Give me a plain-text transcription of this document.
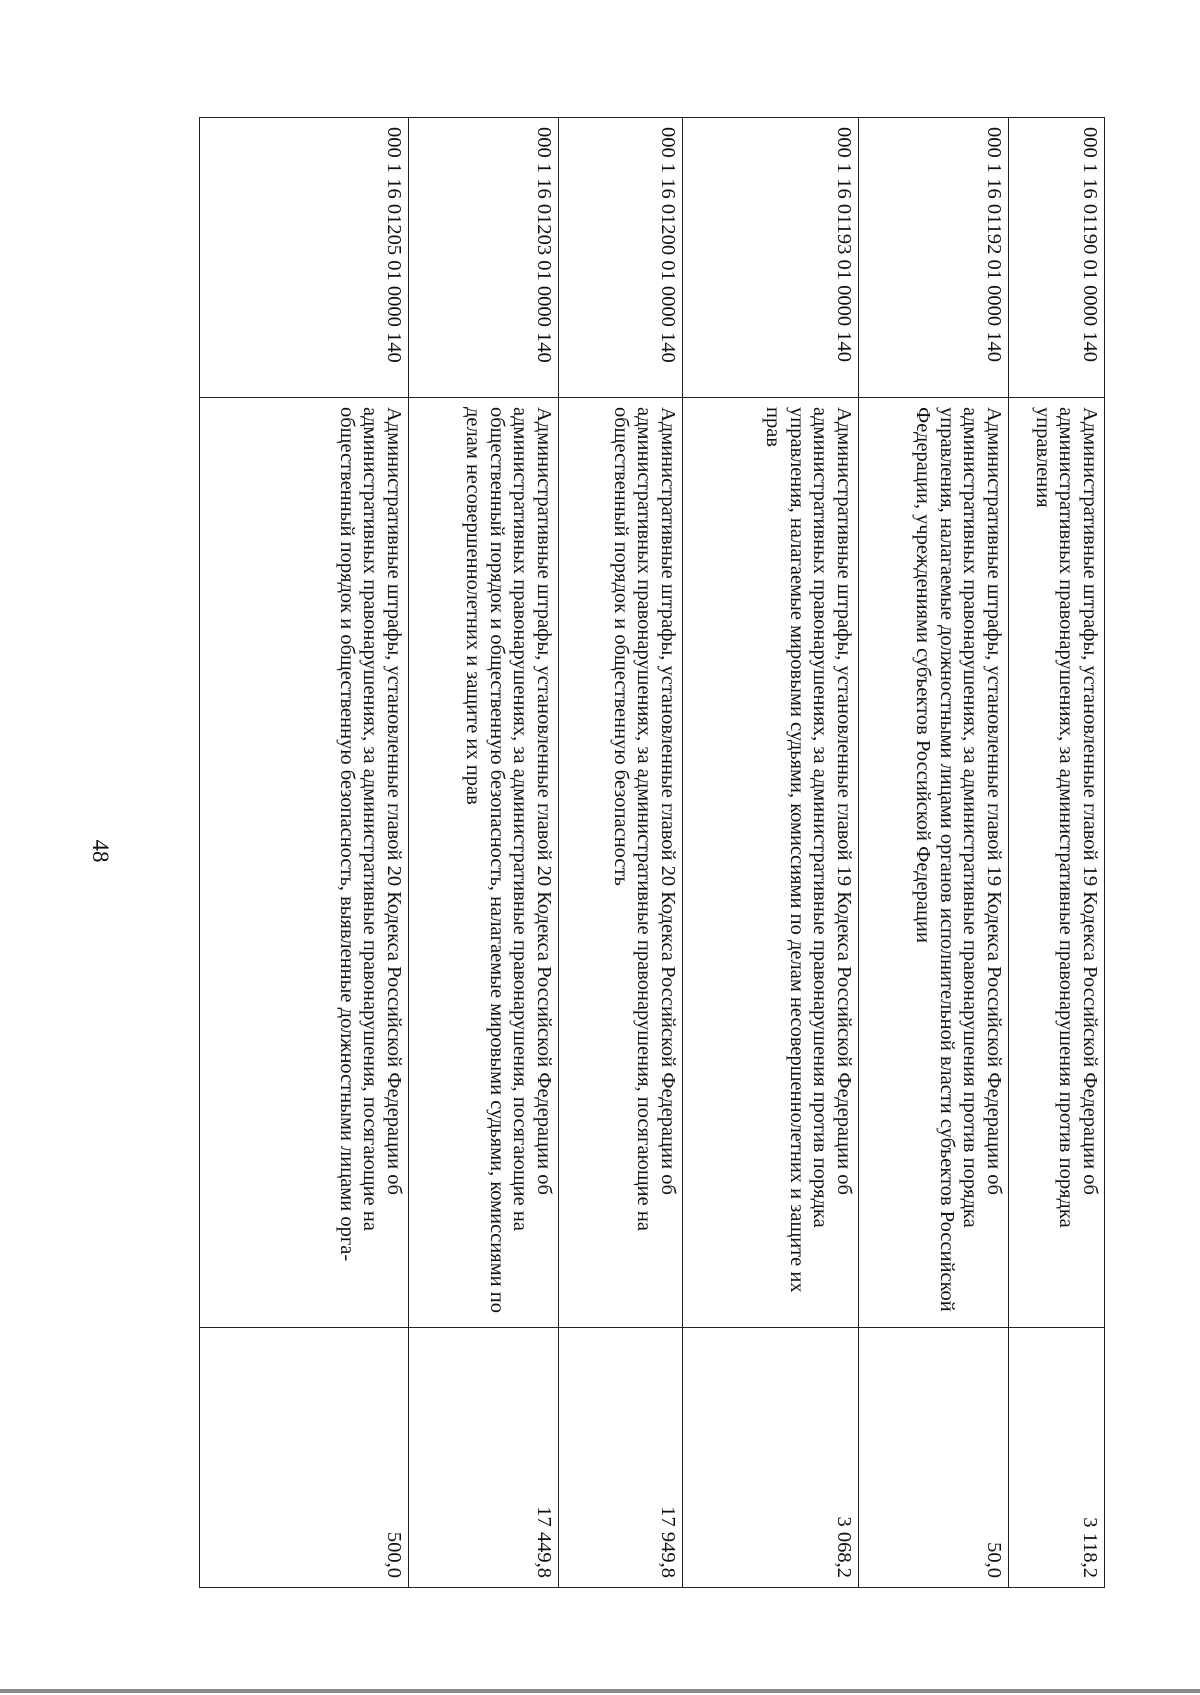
48
000 1 16 01190 01 0000 140	Административные штрафы, установленные главой 19 Кодекса Российской Федерации об административных правонарушениях, за административные правонарушения против порядка управления	3 118,2
000 1 16 01192 01 0000 140	Административные штрафы, установленные главой 19 Кодекса Российской Федерации об административных правонарушениях, за административные правонарушения против порядка управления, налагаемые должностными лицами органов исполнительной власти субъектов Российской Федерации, учреждениями субъектов Российской Федерации	50,0
000 1 16 01193 01 0000 140	Административные штрафы, установленные главой 19 Кодекса Российской Федерации об административных правонарушениях, за административные правонарушения против порядка управления, налагаемые мировыми судьями, комиссиями по делам несовершеннолетних и защите их прав	3 068,2
000 1 16 01200 01 0000 140	Административные штрафы, установленные главой 20 Кодекса Российской Федерации об административных правонарушениях, за административные правонарушения, посягающие на общественный порядок и общественную безопасность	17 949,8
000 1 16 01203 01 0000 140	Административные штрафы, установленные главой 20 Кодекса Российской Федерации об административных правонарушениях, за административные правонарушения, посягающие на общественный порядок и общественную безопасность, налагаемые мировыми судьями, комиссиями по делам несовершеннолетних и защите их прав	17 449,8
000 1 16 01205 01 0000 140	Административные штрафы, установленные главой 20 Кодекса Российской Федерации об административных правонарушениях, за административные правонарушения, посягающие на общественный порядок и общественную безопасность, выявленные должностными лицами орга-	500,0
